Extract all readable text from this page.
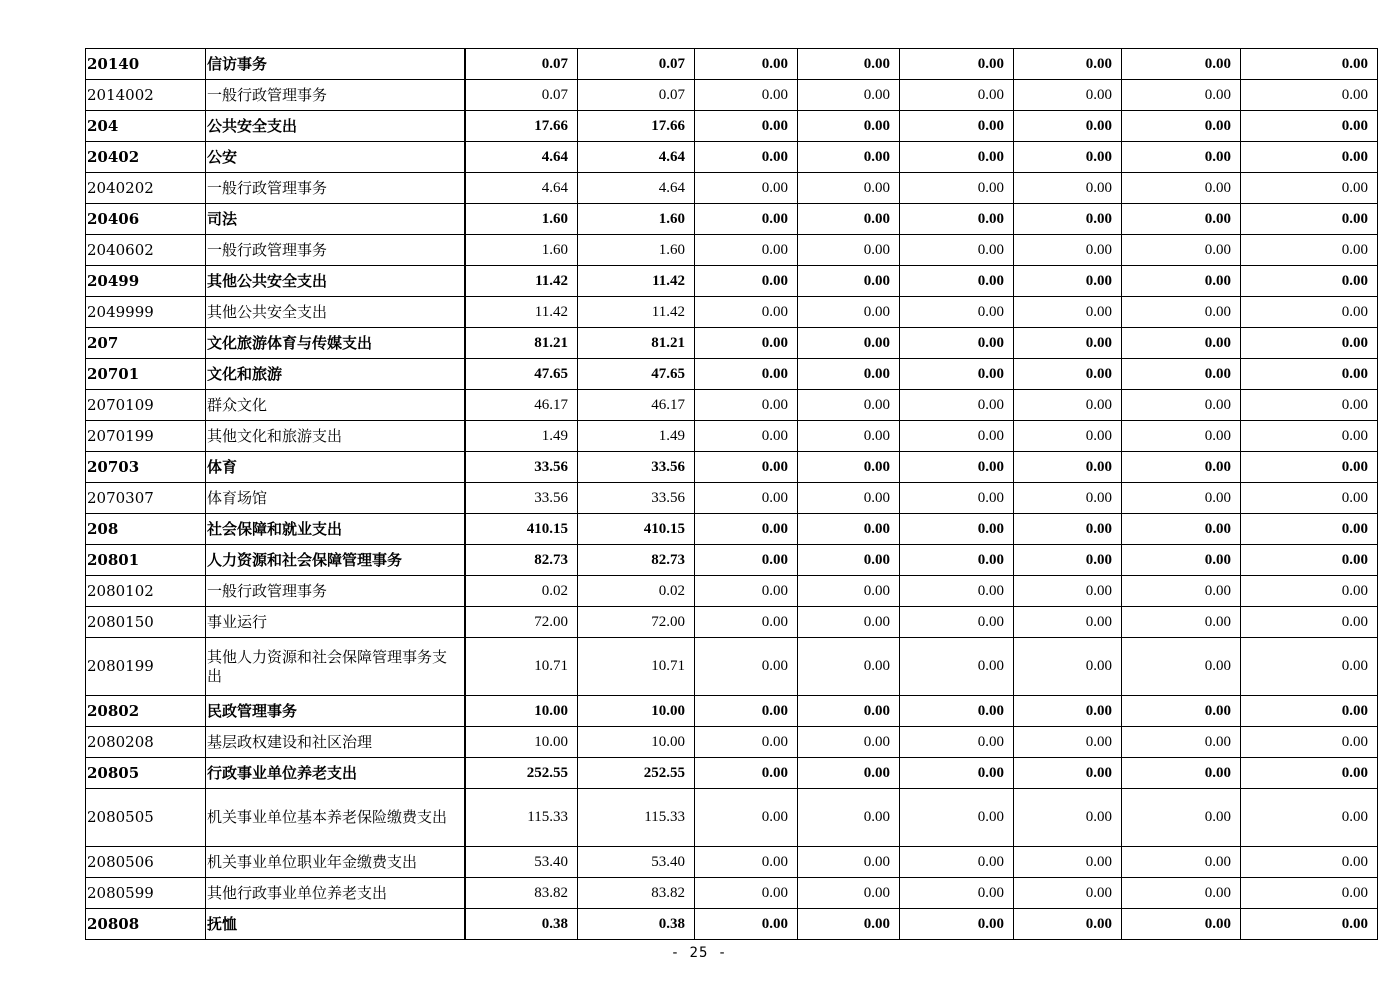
20140	信访事务	0.07	0.07	0.00	0.00	0.00	0.00	0.00	0.00
2014002	一般行政管理事务	0.07	0.07	0.00	0.00	0.00	0.00	0.00	0.00
204	公共安全支出	17.66	17.66	0.00	0.00	0.00	0.00	0.00	0.00
20402	公安	4.64	4.64	0.00	0.00	0.00	0.00	0.00	0.00
2040202	一般行政管理事务	4.64	4.64	0.00	0.00	0.00	0.00	0.00	0.00
20406	司法	1.60	1.60	0.00	0.00	0.00	0.00	0.00	0.00
2040602	一般行政管理事务	1.60	1.60	0.00	0.00	0.00	0.00	0.00	0.00
20499	其他公共安全支出	11.42	11.42	0.00	0.00	0.00	0.00	0.00	0.00
2049999	其他公共安全支出	11.42	11.42	0.00	0.00	0.00	0.00	0.00	0.00
207	文化旅游体育与传媒支出	81.21	81.21	0.00	0.00	0.00	0.00	0.00	0.00
20701	文化和旅游	47.65	47.65	0.00	0.00	0.00	0.00	0.00	0.00
2070109	群众文化	46.17	46.17	0.00	0.00	0.00	0.00	0.00	0.00
2070199	其他文化和旅游支出	1.49	1.49	0.00	0.00	0.00	0.00	0.00	0.00
20703	体育	33.56	33.56	0.00	0.00	0.00	0.00	0.00	0.00
2070307	体育场馆	33.56	33.56	0.00	0.00	0.00	0.00	0.00	0.00
208	社会保障和就业支出	410.15	410.15	0.00	0.00	0.00	0.00	0.00	0.00
20801	人力资源和社会保障管理事务	82.73	82.73	0.00	0.00	0.00	0.00	0.00	0.00
2080102	一般行政管理事务	0.02	0.02	0.00	0.00	0.00	0.00	0.00	0.00
2080150	事业运行	72.00	72.00	0.00	0.00	0.00	0.00	0.00	0.00
2080199	其他人力资源和社会保障管理事务支出	10.71	10.71	0.00	0.00	0.00	0.00	0.00	0.00
20802	民政管理事务	10.00	10.00	0.00	0.00	0.00	0.00	0.00	0.00
2080208	基层政权建设和社区治理	10.00	10.00	0.00	0.00	0.00	0.00	0.00	0.00
20805	行政事业单位养老支出	252.55	252.55	0.00	0.00	0.00	0.00	0.00	0.00
2080505	机关事业单位基本养老保险缴费支出	115.33	115.33	0.00	0.00	0.00	0.00	0.00	0.00
2080506	机关事业单位职业年金缴费支出	53.40	53.40	0.00	0.00	0.00	0.00	0.00	0.00
2080599	其他行政事业单位养老支出	83.82	83.82	0.00	0.00	0.00	0.00	0.00	0.00
20808	抚恤	0.38	0.38	0.00	0.00	0.00	0.00	0.00	0.00
- 25 -
